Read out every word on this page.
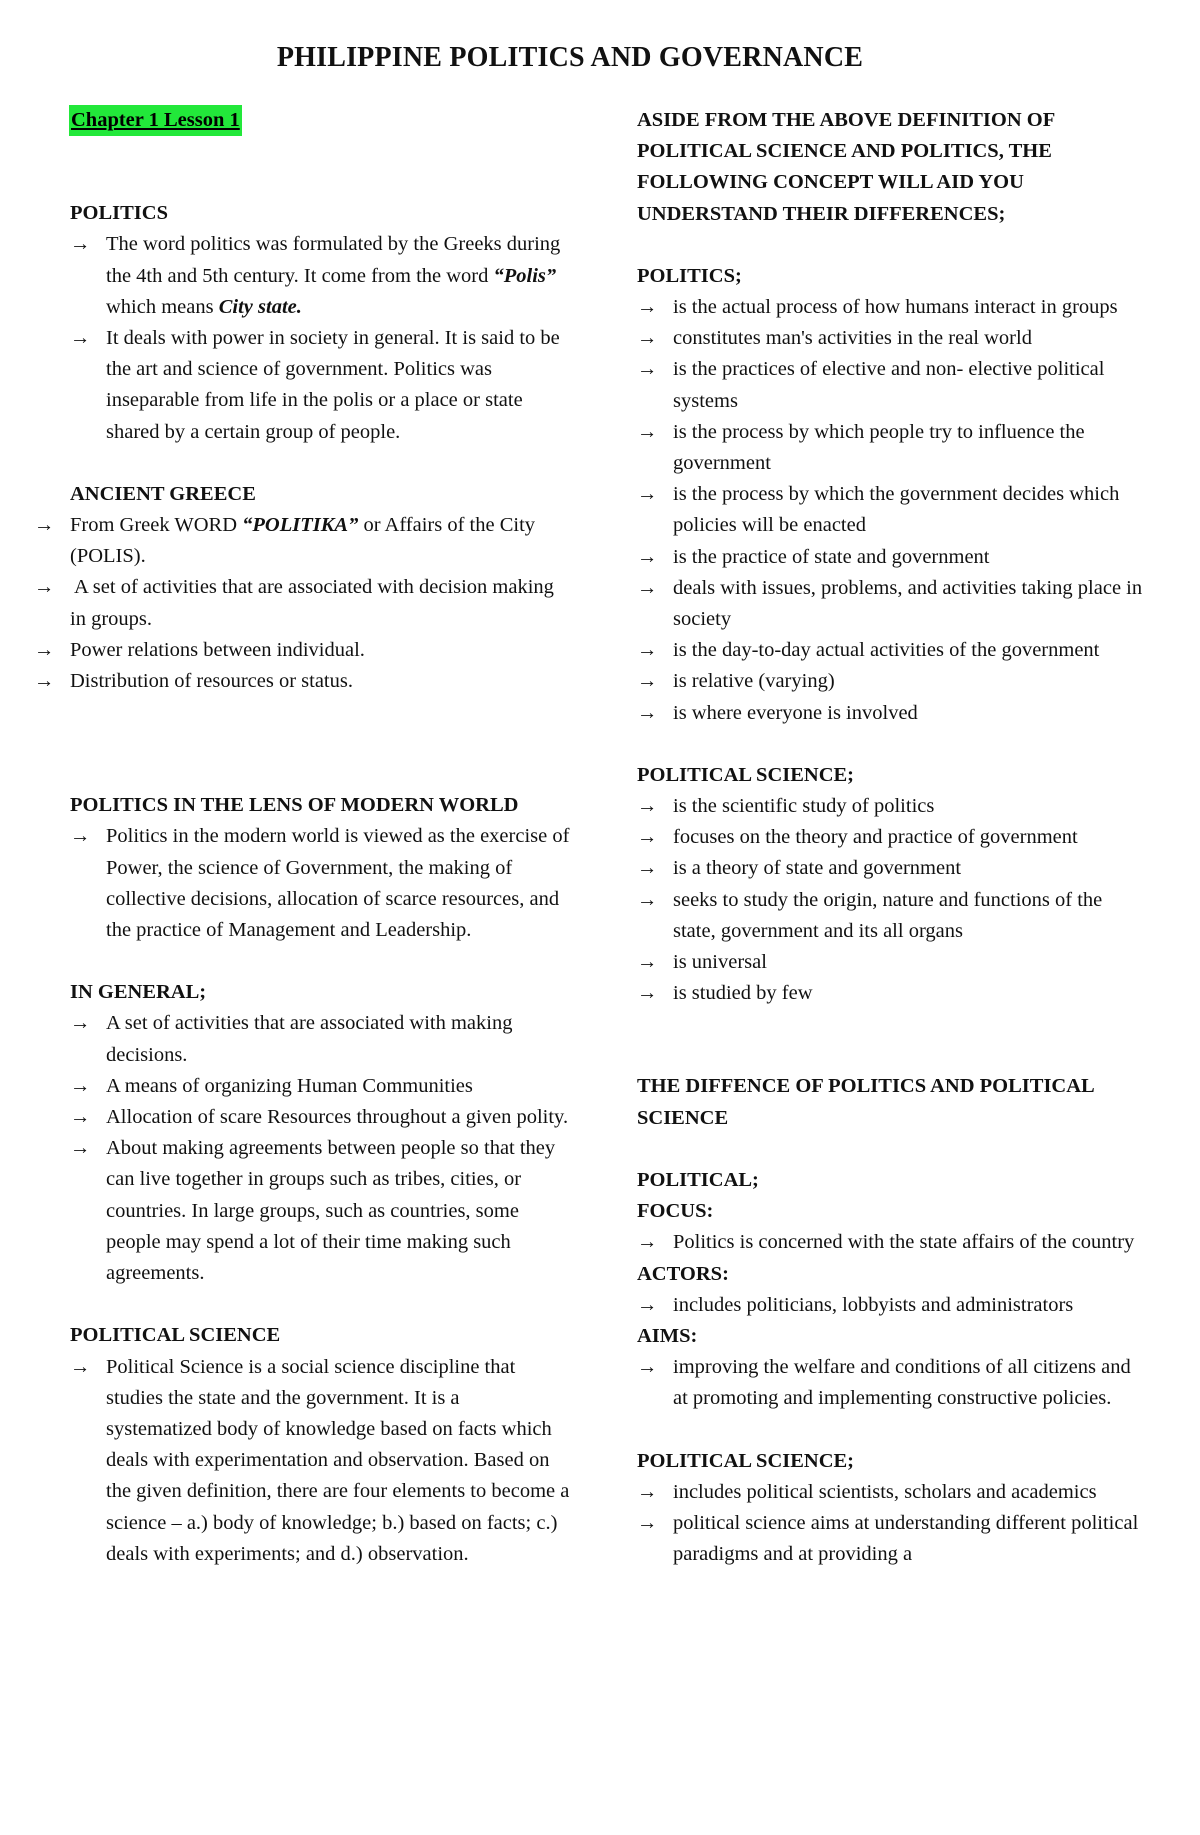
PHILIPPINE POLITICS AND GOVERNANCE
Chapter 1 Lesson 1

POLITICS

→ The word politics was formulated by the Greeks during the 4th and 5th century. It come from the word “Polis” which means City state.
→ It deals with power in society in general. It is said to be the art and science of government. Politics was inseparable from life in the polis or a place or state shared by a certain group of people.

ANCIENT GREECE

→ From Greek WORD “POLITIKA” or Affairs of the City (POLIS).
→ A set of activities that are associated with decision making in groups.
→ Power relations between individual.
→ Distribution of resources or status.

POLITICS IN THE LENS OF MODERN WORLD

→ Politics in the modern world is viewed as the exercise of Power, the science of Government, the making of collective decisions, allocation of scarce resources, and the practice of Management and Leadership.

IN GENERAL;

→ A set of activities that are associated with making decisions.
→ A means of organizing Human Communities
→ Allocation of scare Resources throughout a given polity.
→ About making agreements between people so that they can live together in groups such as tribes, cities, or countries. In large groups, such as countries, some people may spend a lot of their time making such agreements.

POLITICAL SCIENCE

→ Political Science is a social science discipline that studies the state and the government. It is a systematized body of knowledge based on facts which deals with experimentation and observation. Based on the given definition, there are four elements to become a science – a.) body of knowledge; b.) based on facts; c.) deals with experiments; and d.) observation.

ASIDE FROM THE ABOVE DEFINITION OF POLITICAL SCIENCE AND POLITICS, THE FOLLOWING CONCEPT WILL AID YOU UNDERSTAND THEIR DIFFERENCES;

POLITICS;

→ is the actual process of how humans interact in groups
→ constitutes man's activities in the real world
→ is the practices of elective and non- elective political systems
→ is the process by which people try to influence the government
→ is the process by which the government decides which policies will be enacted
→ is the practice of state and government
→ deals with issues, problems, and activities taking place in society
→ is the day-to-day actual activities of the government
→ is relative (varying)
→ is where everyone is involved

POLITICAL SCIENCE;

→ is the scientific study of politics
→ focuses on the theory and practice of government
→ is a theory of state and government
→ seeks to study the origin, nature and functions of the state, government and its all organs
→ is universal
→ is studied by few

THE DIFFENCE OF POLITICS AND POLITICAL SCIENCE

POLITICAL;

FOCUS:

→ Politics is concerned with the state affairs of the country

ACTORS:

→ includes politicians, lobbyists and administrators

AIMS:

→ improving the welfare and conditions of all citizens and at promoting and implementing constructive policies.

POLITICAL SCIENCE;

→ includes political scientists, scholars and academics
→ political science aims at understanding different political paradigms and at providing a
